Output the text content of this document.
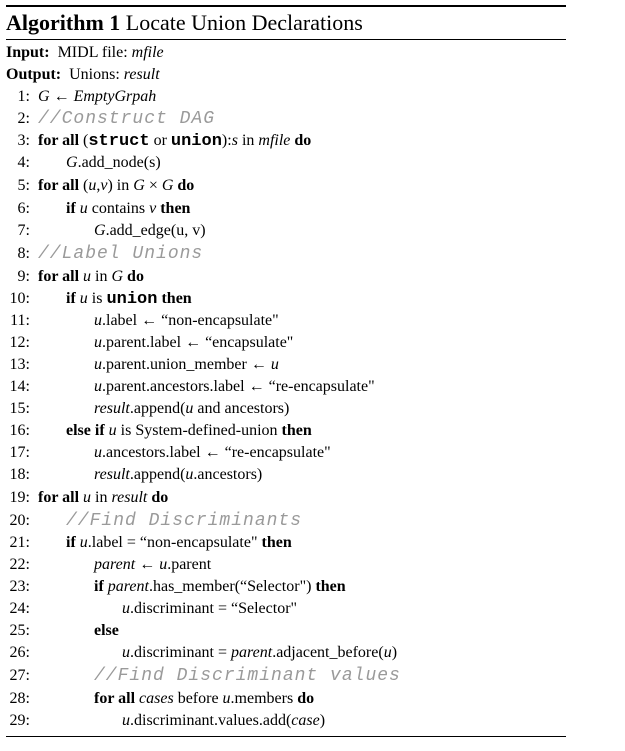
Algorithm 1 Locate Union Declarations
Input: MIDL file: mfile
Output: Unions: result
1: G ← EmptyGrpah
2: //Construct DAG
3: for all (struct or union):s in mfile do
4: G.add_node(s)
5: for all (u,v) in G × G do
6: if u contains v then
7:	G.add_edge(u, v)
8: //Label Unions
9: for all u in G do
10: if u is union then
11:	u.label ← “non-encapsulate"
12:	u.parent.label ← “encapsulate"
13:	u.parent.union_member ← u
14:	u.parent.ancestors.label ← “re-encapsulate"
15:	result.append(u and ancestors)
16: else if u is System-defined-union then
17:	u.ancestors.label ← “re-encapsulate"
18:	result.append(u.ancestors)
19: for all u in result do
20: //Find Discriminants
21: if u.label = “non-encapsulate" then
22:	parent ← u.parent
23:	if parent.has_member(“Selector") then
24:	u.discriminant = “Selector"
25:	else
26:	u.discriminant = parent.adjacent_before(u)
27:	//Find Discriminant values
28:	for all cases before u.members do
29:	u.discriminant.values.add(case)
